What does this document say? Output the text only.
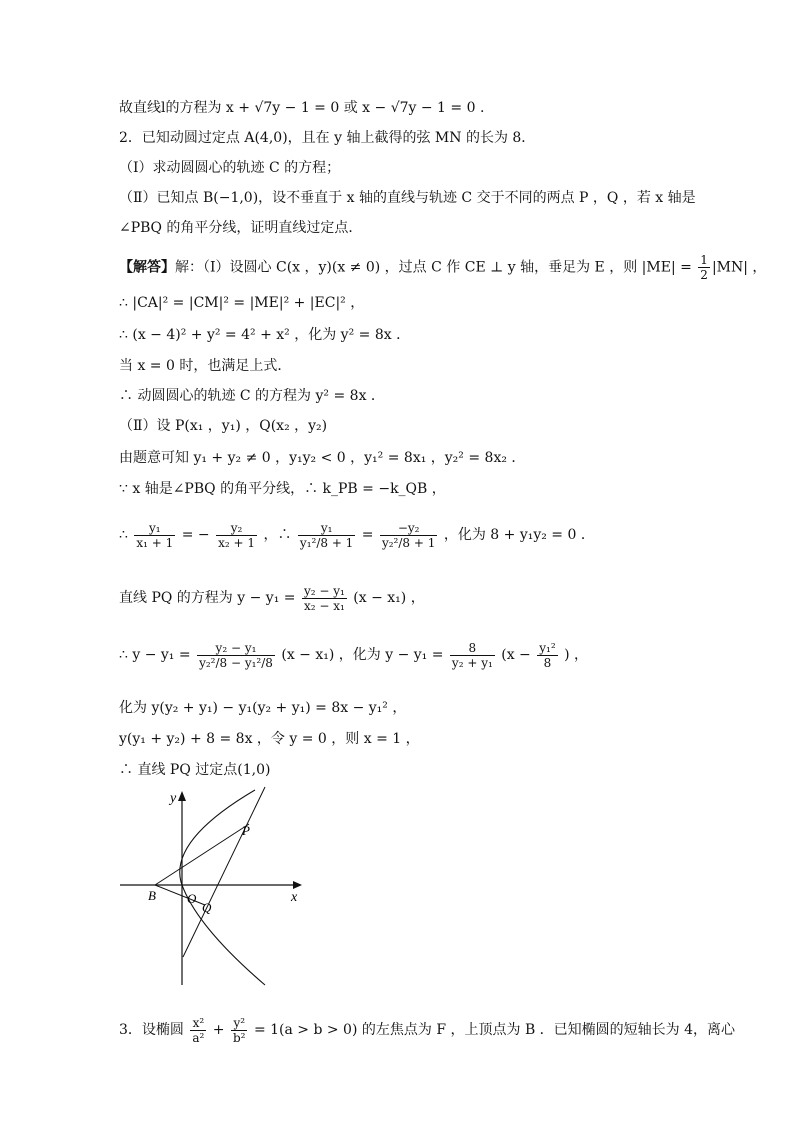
故直线l的方程为 x + √7y − 1 = 0 或 x − √7y − 1 = 0 .
2．已知动圆过定点 A(4,0)，且在 y 轴上截得的弦 MN 的长为 8．
（Ⅰ）求动圆圆心的轨迹 C 的方程；
（Ⅱ）已知点 B(−1,0)，设不垂直于 x 轴的直线与轨迹 C 交于不同的两点 P ，Q ，若 x 轴是
∠PBQ 的角平分线，证明直线过定点．
【解答】解：（Ⅰ）设圆心 C(x ，y)(x ≠ 0) ，过点 C 作 CE ⊥ y 轴，垂足为 E ，则 $|ME| = \frac{1}{2} |MN|$ ，
∴ |CA|² = |CM|² = |ME|² + |EC|² ，
∴ (x − 4)² + y² = 4² + x² ，化为 y² = 8x ．
当 x = 0 时，也满足上式．
∴ 动圆圆心的轨迹 C 的方程为 y² = 8x ．
（Ⅱ）设 P(x₁ ，y₁) ，Q(x₂ ，y₂)
由题意可知 y₁ + y₂ ≠ 0 ，y₁y₂ < 0 ，y₁² = 8x₁ ，y₂² = 8x₂ ．
∵ x 轴是∠PBQ 的角平分线，∴ k_PB = −k_QB ，
∴ $\frac{\text{y₁}}{\text{x₁ + 1}}$ = − $\frac{\text{y₂}}{\text{x₂ + 1}}$ ，∴ $\frac{\text{y₁}}{\text{y₁²/8 + 1}} = \frac{\text{−y₂}}{\text{y₂²/8 + 1}}$ ，化为 8 + y₁y₂ = 0 ．
直线 PQ 的方程为 $y - y_1 = \frac{\text{y₂ − y₁}}{\text{x₂ − x₁}} (x - x_1)$ ，
∴ $y - y_1 = \frac{\text{y₂ − y₁}}{\text{y₂²/8 − y₁²/8}} (x - x_1)$ ，化为 $y - y_1 = \frac{8}{\text{y₂ + y₁}} (x - \frac{\text{y₁²}}{8}$ ) ，
化为 y(y₂ + y₁) − y₁(y₂ + y₁) = 8x − y₁² ，
y(y₁ + y₂) + 8 = 8x ，令 y = 0 ，则 x = 1 ，
∴ 直线 PQ 过定点(1,0)
y
x
P
B O
Q
3．设椭圆 $\frac{\text{x²}}{\text{a²}} + \frac{\text{y²}}{\text{b²}} = 1(a > b > 0)$ 的左焦点为 F ，上顶点为 B ．已知椭圆的短轴长为 4，离心
